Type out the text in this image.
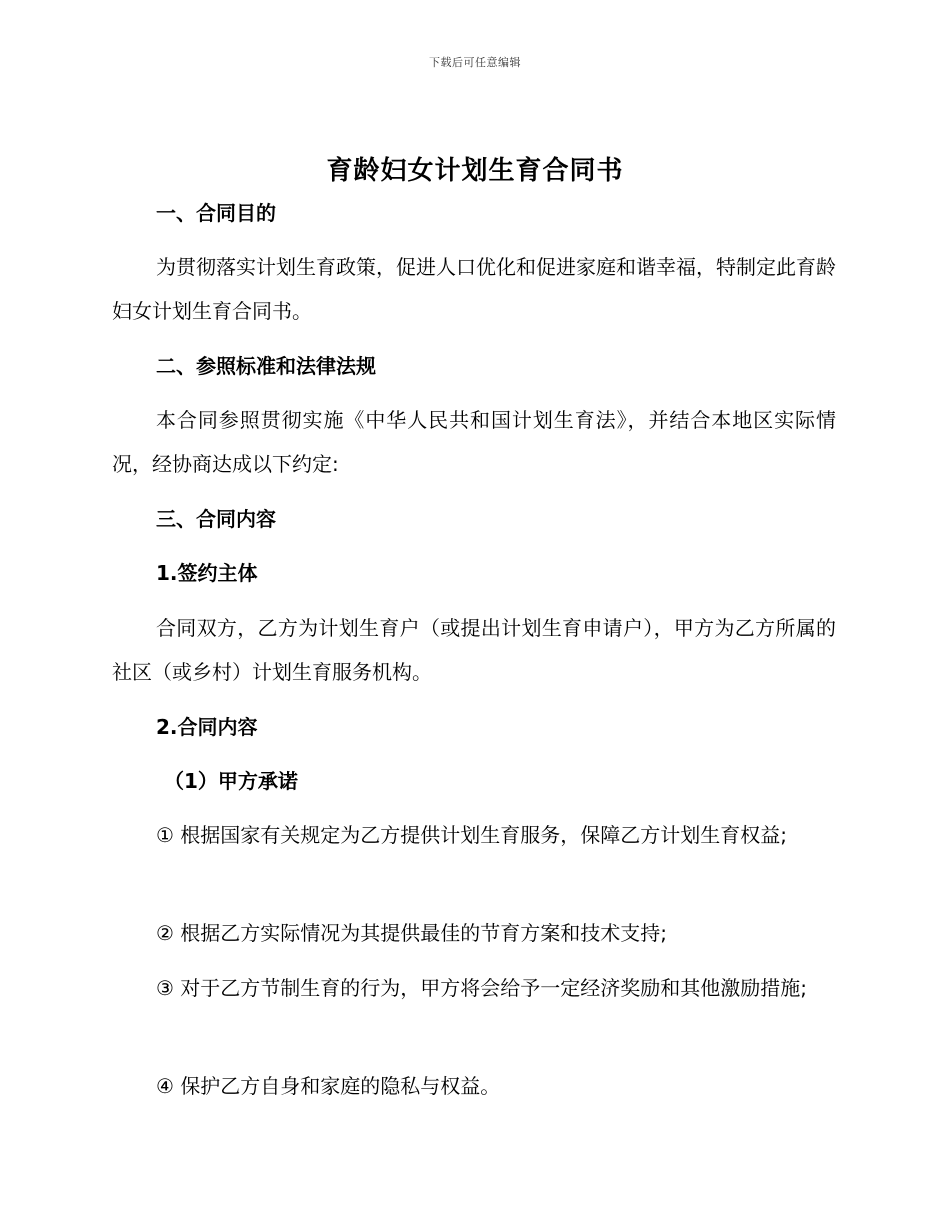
下载后可任意编辑
育龄妇女计划生育合同书
一、合同目的
为贯彻落实计划生育政策，促进人口优化和促进家庭和谐幸福，特制定此育龄妇女计划生育合同书。
二、参照标准和法律法规
本合同参照贯彻实施《中华人民共和国计划生育法》，并结合本地区实际情况，经协商达成以下约定:
三、合同内容
1.签约主体
合同双方，乙方为计划生育户（或提出计划生育申请户），甲方为乙方所属的社区（或乡村）计划生育服务机构。
2.合同内容
（1）甲方承诺
① 根据国家有关规定为乙方提供计划生育服务，保障乙方计划生育权益;
② 根据乙方实际情况为其提供最佳的节育方案和技术支持;
③ 对于乙方节制生育的行为，甲方将会给予一定经济奖励和其他激励措施;
④ 保护乙方自身和家庭的隐私与权益。
